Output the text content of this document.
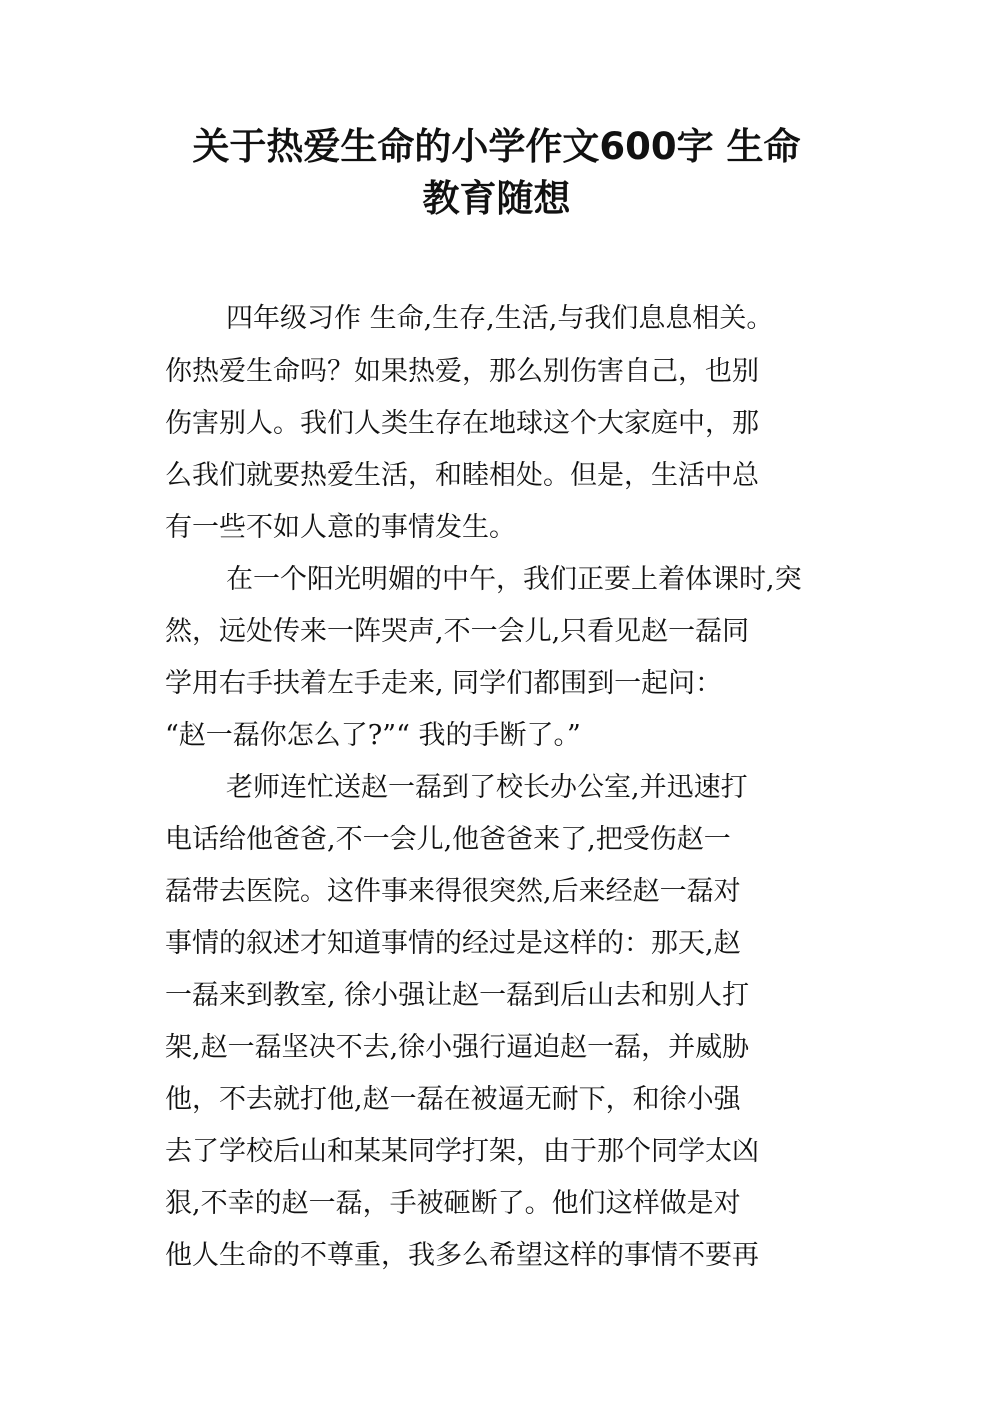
关于热爱生命的小学作文600字 生命
教育随想
四年级习作 生命,生存,生活,与我们息息相关。
你热爱生命吗？如果热爱，那么别伤害自己，也别
伤害别人。我们人类生存在地球这个大家庭中，那
么我们就要热爱生活，和睦相处。但是，生活中总
有一些不如人意的事情发生。
在一个阳光明媚的中午，我们正要上着体课时,突
然，远处传来一阵哭声,不一会儿,只看见赵一磊同
学用右手扶着左手走来, 同学们都围到一起问：
“赵一磊你怎么了?”“ 我的手断了。”
老师连忙送赵一磊到了校长办公室,并迅速打
电话给他爸爸,不一会儿,他爸爸来了,把受伤赵一
磊带去医院。这件事来得很突然,后来经赵一磊对
事情的叙述才知道事情的经过是这样的：那天,赵
一磊来到教室, 徐小强让赵一磊到后山去和别人打
架,赵一磊坚决不去,徐小强行逼迫赵一磊，并威胁
他，不去就打他,赵一磊在被逼无耐下，和徐小强
去了学校后山和某某同学打架，由于那个同学太凶
狠,不幸的赵一磊，手被砸断了。他们这样做是对
他人生命的不尊重，我多么希望这样的事情不要再
